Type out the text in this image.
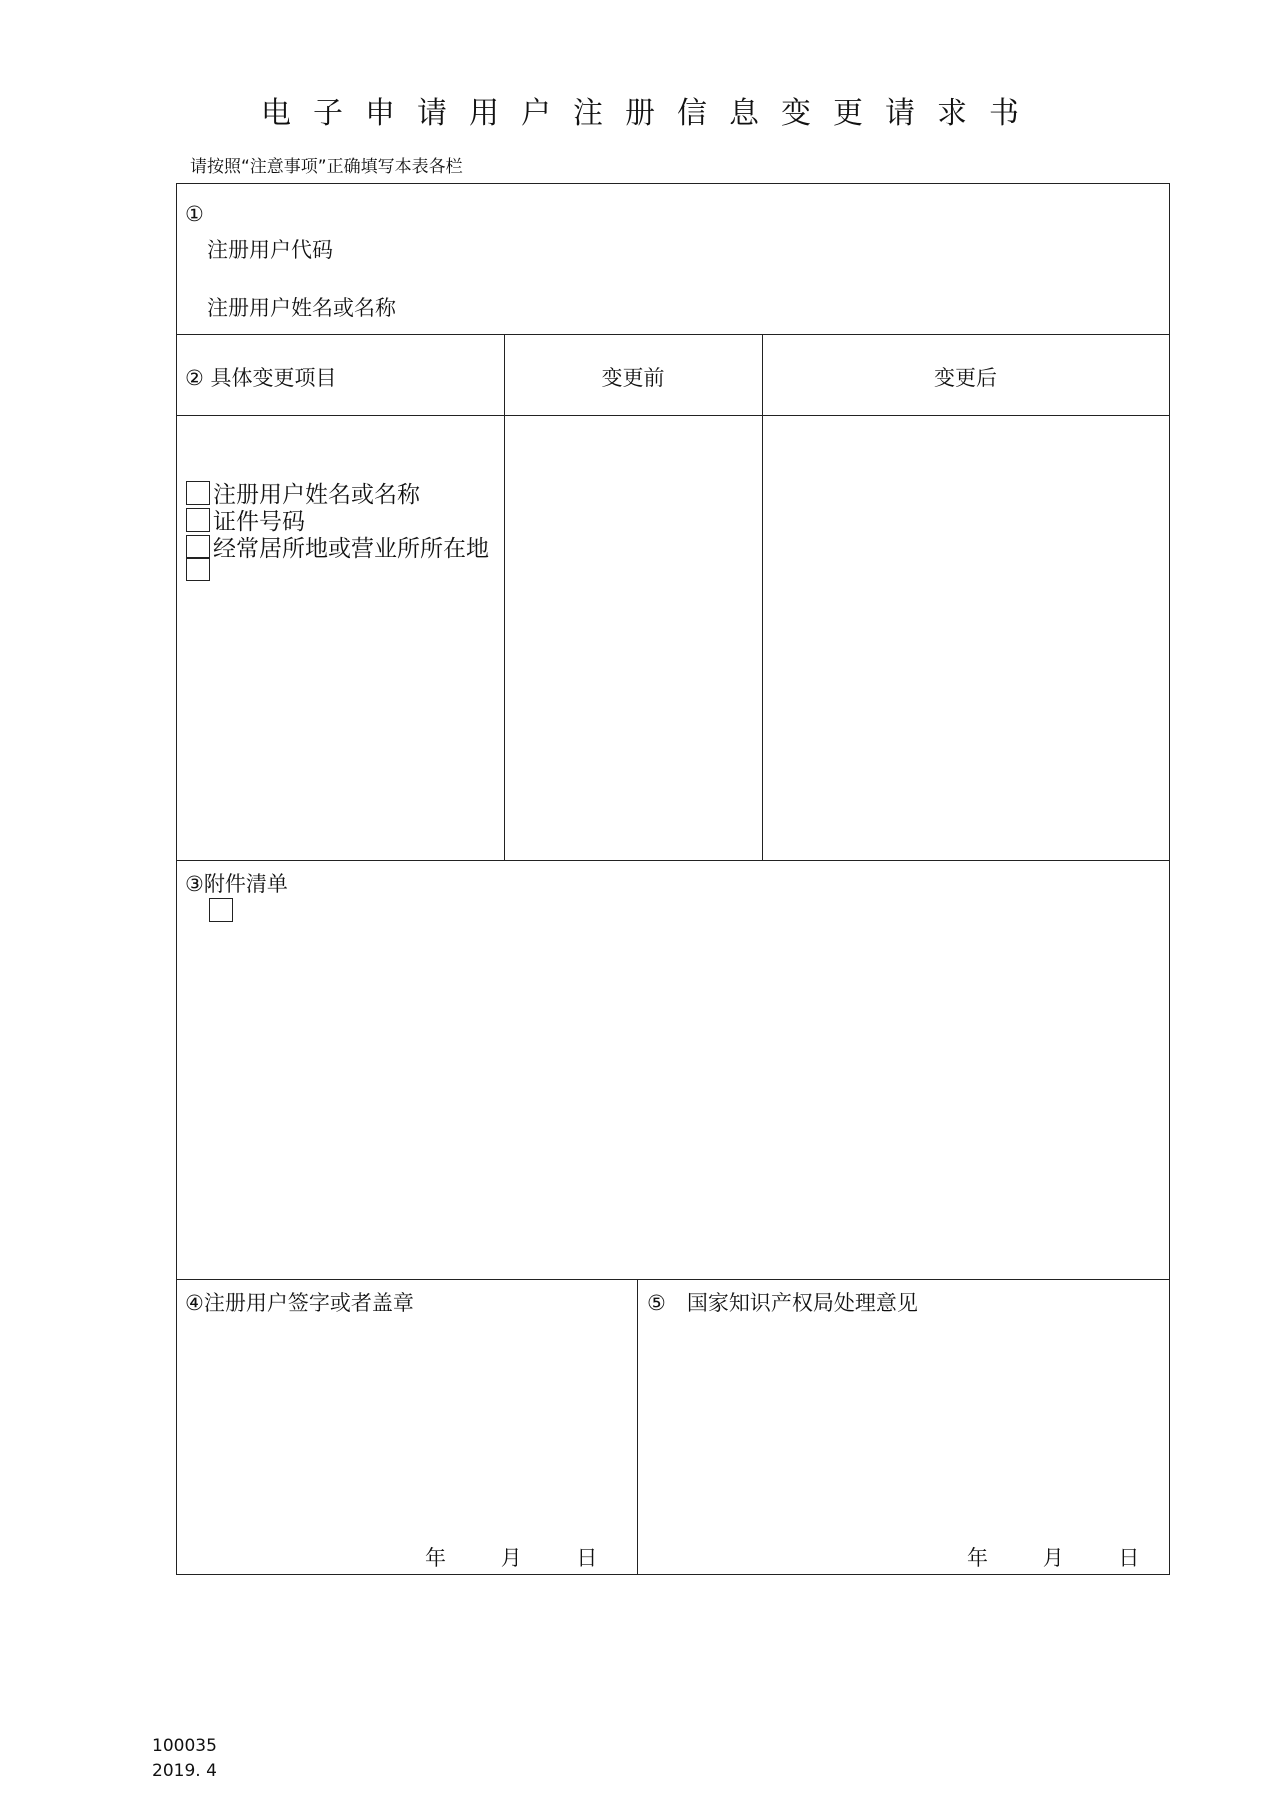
电子申请用户注册信息变更请求书
请按照“注意事项”正确填写本表各栏
①
注册用户代码
注册用户姓名或名称
② 具体变更项目	变更前	变更后
注册用户姓名或名称
证件号码
经常居所地或营业所所在地
③附件清单
④注册用户签字或者盖章
年	月	日
⑤　国家知识产权局处理意见
年	月	日
100035
2019. 4
